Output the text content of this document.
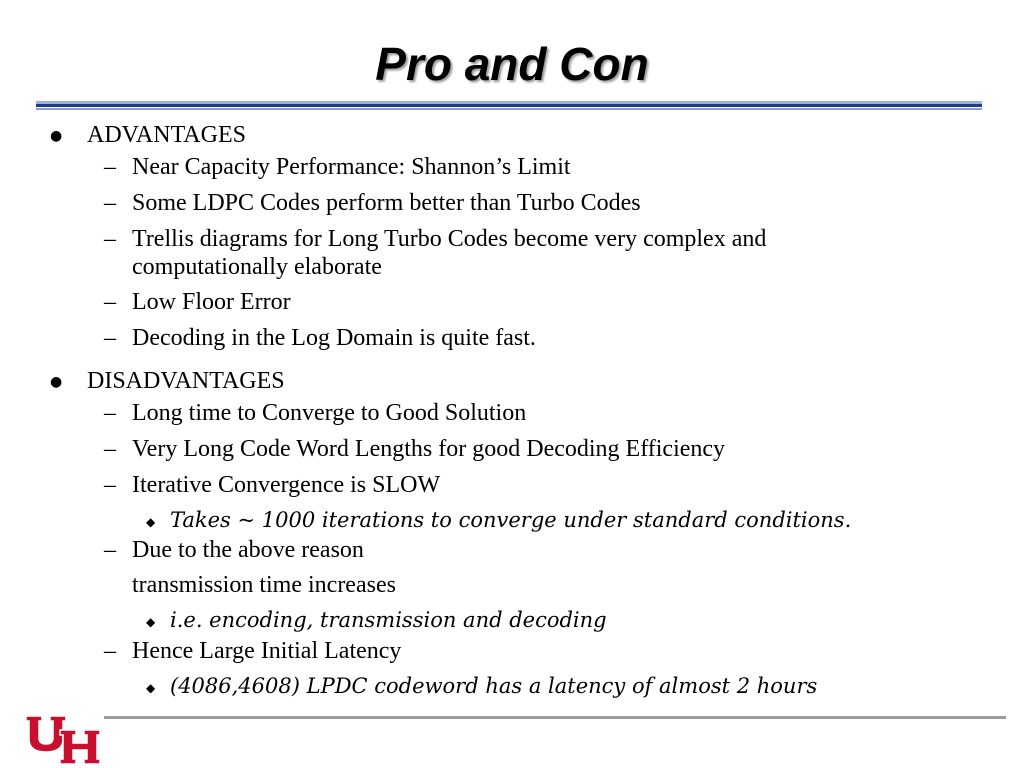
Pro and Con
● ADVANTAGES
– Near Capacity Performance: Shannon’s Limit
– Some LDPC Codes perform better than Turbo Codes
– Trellis diagrams for Long Turbo Codes become very complex and
computationally elaborate
– Low Floor Error
– Decoding in the Log Domain is quite fast.
● DISADVANTAGES
– Long time to Converge to Good Solution
– Very Long Code Word Lengths for good Decoding Efficiency
– Iterative Convergence is SLOW
◆ Takes ~ 1000 iterations to converge under standard conditions.
– Due to the above reason
transmission time increases
◆ i.e. encoding, transmission and decoding
– Hence Large Initial Latency
◆ (4086,4608) LPDC codeword has a latency of almost 2 hours
